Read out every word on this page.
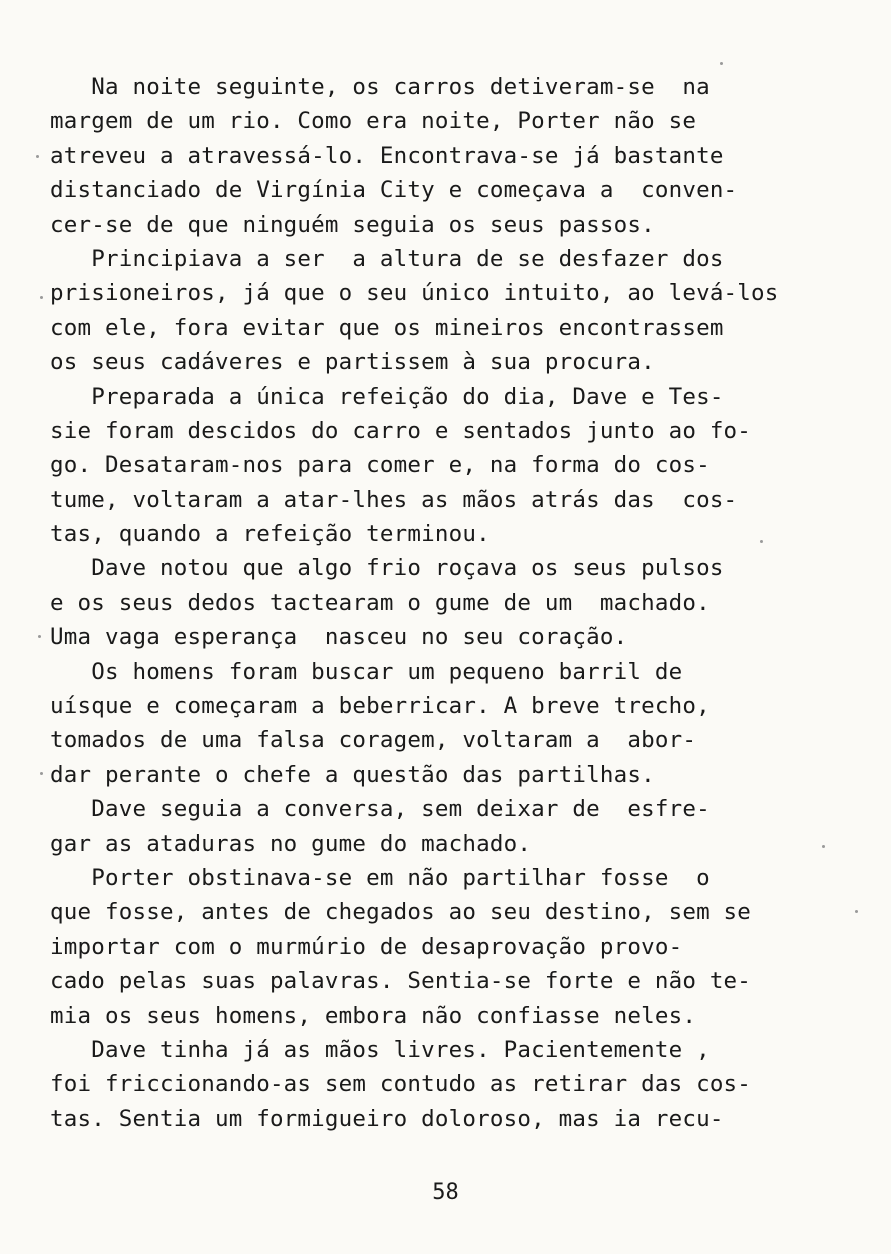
Na noite seguinte, os carros detiveram-se  na
margem de um rio. Como era noite, Porter não se
atreveu a atravessá-lo. Encontrava-se já bastante
distanciado de Virgínia City e começava a  conven-
cer-se de que ninguém seguia os seus passos.
Principiava a ser  a altura de se desfazer dos
prisioneiros, já que o seu único intuito, ao levá-los
com ele, fora evitar que os mineiros encontrassem
os seus cadáveres e partissem à sua procura.
Preparada a única refeição do dia, Dave e Tes-
sie foram descidos do carro e sentados junto ao fo-
go. Desataram-nos para comer e, na forma do cos-
tume, voltaram a atar-lhes as mãos atrás das  cos-
tas, quando a refeição terminou.
Dave notou que algo frio roçava os seus pulsos
e os seus dedos tactearam o gume de um  machado.
Uma vaga esperança  nasceu no seu coração.
Os homens foram buscar um pequeno barril de
uísque e começaram a beberricar. A breve trecho,
tomados de uma falsa coragem, voltaram a  abor-
dar perante o chefe a questão das partilhas.
Dave seguia a conversa, sem deixar de  esfre-
gar as ataduras no gume do machado.
Porter obstinava-se em não partilhar fosse  o
que fosse, antes de chegados ao seu destino, sem se
importar com o murmúrio de desaprovação provo-
cado pelas suas palavras. Sentia-se forte e não te-
mia os seus homens, embora não confiasse neles.
Dave tinha já as mãos livres. Pacientemente ,
foi friccionando-as sem contudo as retirar das cos-
tas. Sentia um formigueiro doloroso, mas ia recu-
58
